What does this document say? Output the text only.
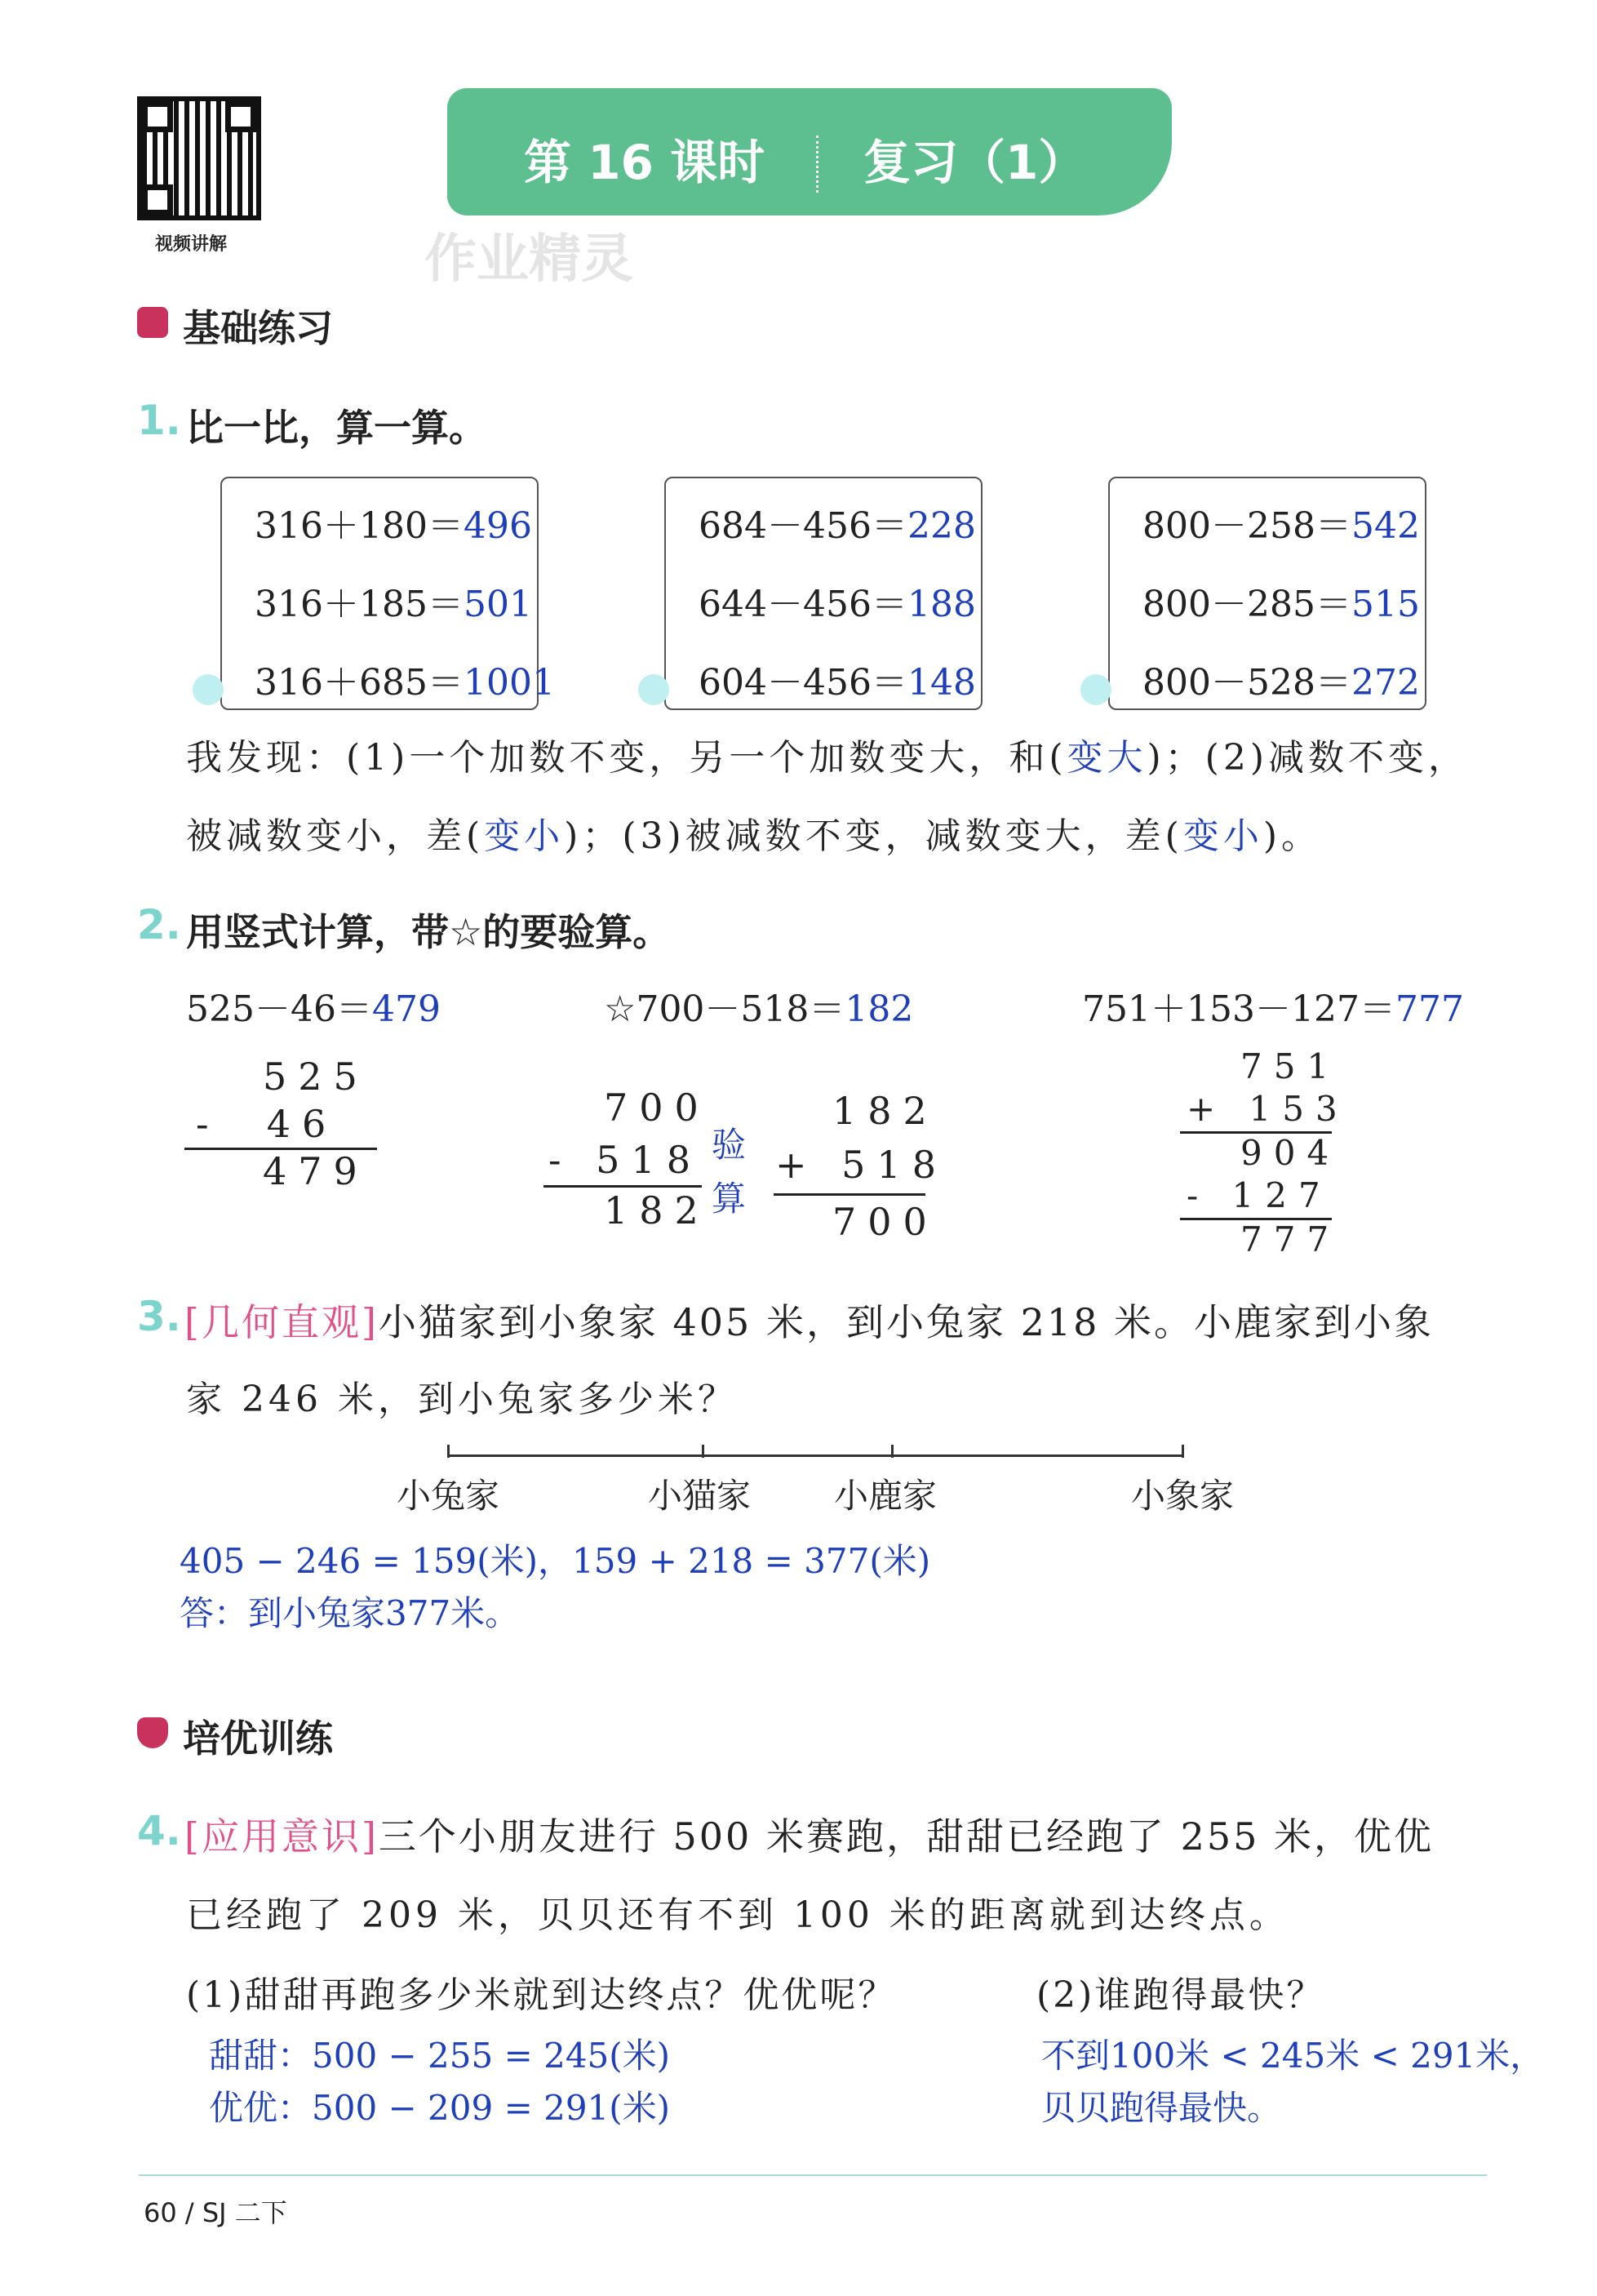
视频讲解
第 16 课时 复习（1）
作业精灵
基础练习
1. 比一比，算一算。
316＋180＝496
316＋185＝501
316＋685＝1001
684－456＝228
644－456＝188
604－456＝148
800－258＝542
800－285＝515
800－528＝272
我发现：(1)一个加数不变，另一个加数变大，和(变大)；(2)减数不变，
被减数变小，差(变小)；(3)被减数不变，减数变大，差(变小)。
2. 用竖式计算，带☆的要验算。
525－46＝479	☆700－518＝182	751＋153－127＝777
525
-  46
479
700
- 518
182
验
算
182
+ 518
700
751
+ 153
904
- 127
777
3. [几何直观]小猫家到小象家 405 米，到小兔家 218 米。小鹿家到小象
家 246 米，到小兔家多少米？
小兔家	小猫家 小鹿家	小象家
405 − 246 = 159(米)，159 + 218 = 377(米)
答：到小兔家377米。
培优训练
4. [应用意识]三个小朋友进行 500 米赛跑，甜甜已经跑了 255 米，优优
已经跑了 209 米，贝贝还有不到 100 米的距离就到达终点。
(1)甜甜再跑多少米就到达终点？优优呢？	(2)谁跑得最快？
甜甜：500 − 255 = 245(米)
优优：500 − 209 = 291(米)
不到100米 < 245米 < 291米，
贝贝跑得最快。
60 / SJ 二下
